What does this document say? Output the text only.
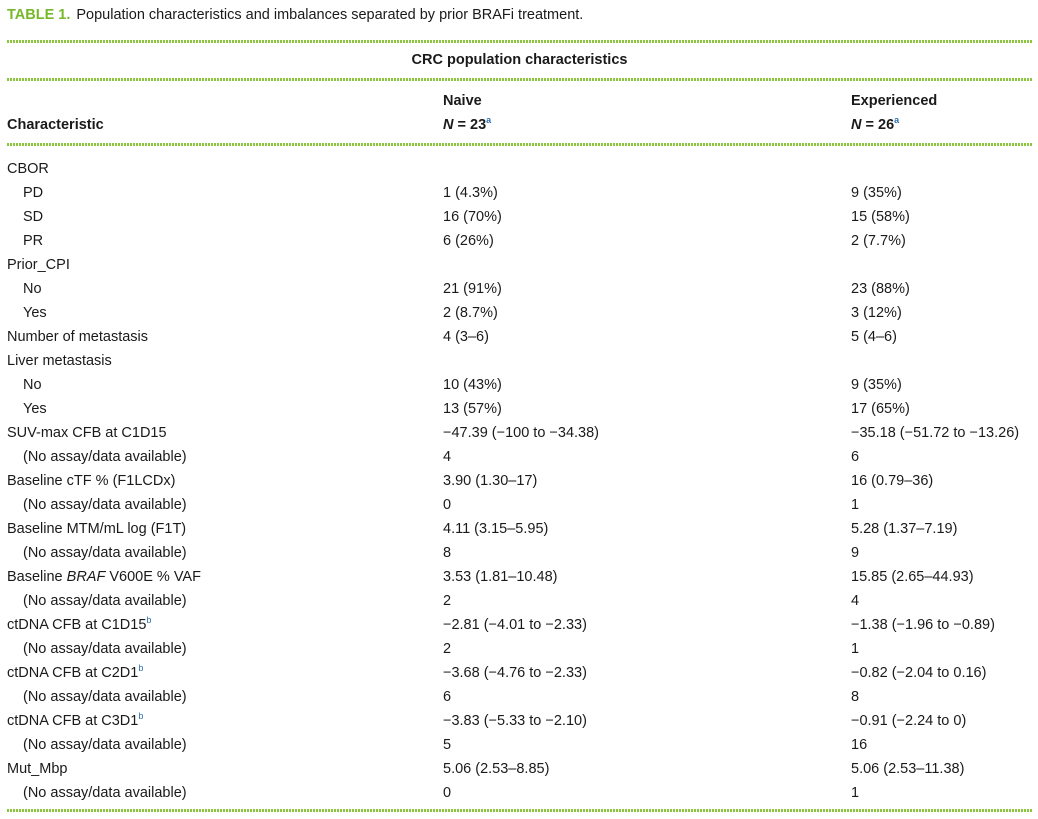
TABLE 1. Population characteristics and imbalances separated by prior BRAFi treatment.
CRC population characteristics
Characteristic
Naive	Experienced
$N = 23^a$	$N = 26^a$
CBOR
PD	1 (4.3%)	9 (35%)
SD	16 (70%)	15 (58%)
PR	6 (26%)	2 (7.7%)
Prior_CPI
No	21 (91%)	23 (88%)
Yes	2 (8.7%)	3 (12%)
Number of metastasis	4 (3–6)	5 (4–6)
Liver metastasis
No	10 (43%)	9 (35%)
Yes	13 (57%)	17 (65%)
SUV-max CFB at C1D15	−47.39 (−100 to −34.38)	−35.18 (−51.72 to −13.26)
(No assay/data available)	4	6
Baseline cTF % (F1LCDx)	3.90 (1.30–17)	16 (0.79–36)
(No assay/data available)	0	1
Baseline MTM/mL log (F1T)	4.11 (3.15–5.95)	5.28 (1.37–7.19)
(No assay/data available)	8	9
Baseline BRAF V600E % VAF	3.53 (1.81–10.48)	15.85 (2.65–44.93)
(No assay/data available)	2	4
ctDNA CFB at $C1D15^b$	−2.81 (−4.01 to −2.33)	−1.38 (−1.96 to −0.89)
(No assay/data available)	2	1
ctDNA CFB at $C2D1^b$	−3.68 (−4.76 to −2.33)	−0.82 (−2.04 to 0.16)
(No assay/data available)	6	8
ctDNA CFB at $C3D1^b$	−3.83 (−5.33 to −2.10)	−0.91 (−2.24 to 0)
(No assay/data available)	5	16
Mut_Mbp	5.06 (2.53–8.85)	5.06 (2.53–11.38)
(No assay/data available)	0	1
